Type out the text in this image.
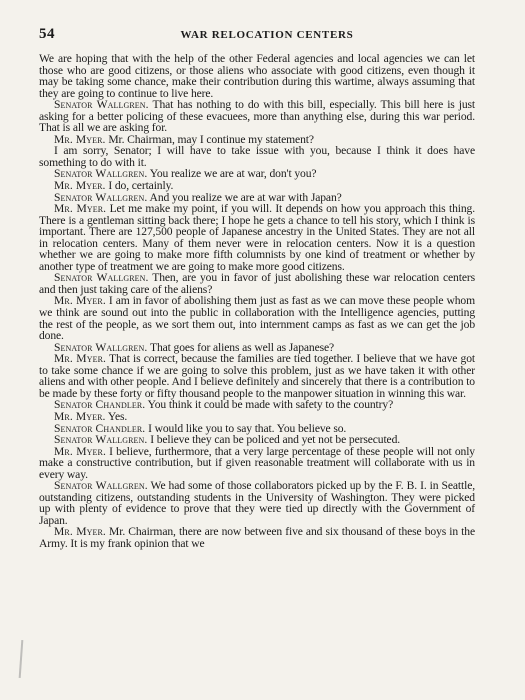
54	WAR RELOCATION CENTERS

We are hoping that with the help of the other Federal agencies and local agencies we can let those who are good citizens, or those aliens who associate with good citizens, even though it may be taking some chance, make their contribution during this wartime, always assuming that they are going to continue to live here.

Senator Wallgren. That has nothing to do with this bill, especially. This bill here is just asking for a better policing of these evacuees, more than anything else, during this war period. That is all we are asking for.

Mr. Myer. Mr. Chairman, may I continue my statement?

I am sorry, Senator; I will have to take issue with you, because I think it does have something to do with it.

Senator Wallgren. You realize we are at war, don't you?

Mr. Myer. I do, certainly.

Senator Wallgren. And you realize we are at war with Japan?

Mr. Myer. Let me make my point, if you will. It depends on how you approach this thing. There is a gentleman sitting back there; I hope he gets a chance to tell his story, which I think is important. There are 127,500 people of Japanese ancestry in the United States. They are not all in relocation centers. Many of them never were in relocation centers. Now it is a question whether we are going to make more fifth columnists by one kind of treatment or whether by another type of treatment we are going to make more good citizens.

Senator Wallgren. Then, are you in favor of just abolishing these war relocation centers and then just taking care of the aliens?

Mr. Myer. I am in favor of abolishing them just as fast as we can move these people whom we think are sound out into the public in collaboration with the Intelligence agencies, putting the rest of the people, as we sort them out, into internment camps as fast as we can get the job done.

Senator Wallgren. That goes for aliens as well as Japanese?

Mr. Myer. That is correct, because the families are tied together. I believe that we have got to take some chance if we are going to solve this problem, just as we have taken it with other aliens and with other people. And I believe definitely and sincerely that there is a contribution to be made by these forty or fifty thousand people to the manpower situation in winning this war.

Senator Chandler. You think it could be made with safety to the country?

Mr. Myer. Yes.

Senator Chandler. I would like you to say that. You believe so.

Senator Wallgren. I believe they can be policed and yet not be persecuted.

Mr. Myer. I believe, furthermore, that a very large percentage of these people will not only make a constructive contribution, but if given reasonable treatment will collaborate with us in every way.

Senator Wallgren. We had some of those collaborators picked up by the F. B. I. in Seattle, outstanding citizens, outstanding students in the University of Washington. They were picked up with plenty of evidence to prove that they were tied up directly with the Government of Japan.

Mr. Myer. Mr. Chairman, there are now between five and six thousand of these boys in the Army. It is my frank opinion that we
